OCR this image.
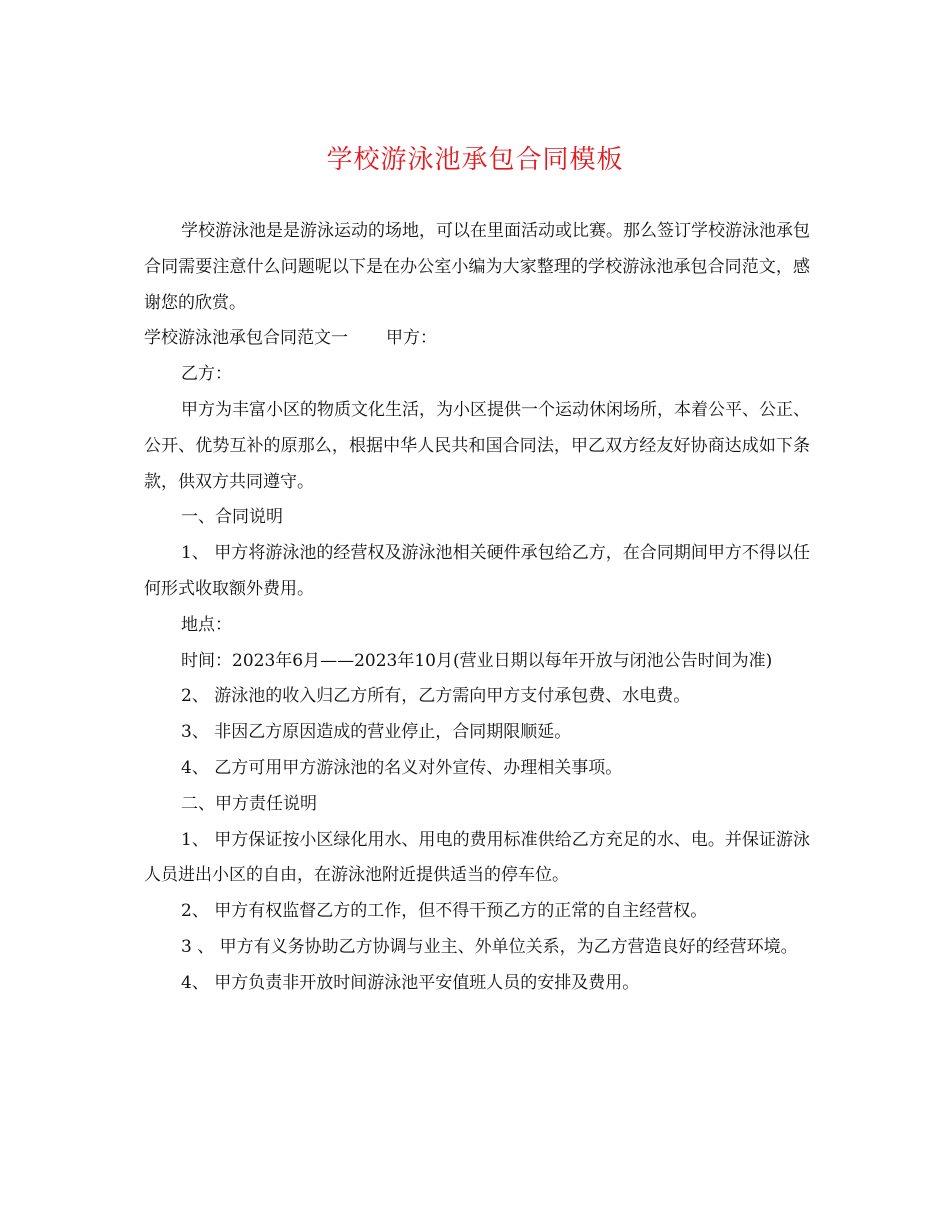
学校游泳池承包合同模板

学校游泳池是是游泳运动的场地，可以在里面活动或比赛。那么签订学校游泳池承包合同需要注意什么问题呢以下是在办公室小编为大家整理的学校游泳池承包合同范文，感谢您的欣赏。

学校游泳池承包合同范文一 甲方：

乙方：

甲方为丰富小区的物质文化生活，为小区提供一个运动休闲场所，本着公平、公正、公开、优势互补的原那么，根据中华人民共和国合同法，甲乙双方经友好协商达成如下条款，供双方共同遵守。

一、合同说明

1、 甲方将游泳池的经营权及游泳池相关硬件承包给乙方，在合同期间甲方不得以任何形式收取额外费用。

地点：

时间：2023年6月——2023年10月(营业日期以每年开放与闭池公告时间为准)

2、 游泳池的收入归乙方所有，乙方需向甲方支付承包费、水电费。

3、 非因乙方原因造成的营业停止，合同期限顺延。

4、 乙方可用甲方游泳池的名义对外宣传、办理相关事项。

二、甲方责任说明

1、 甲方保证按小区绿化用水、用电的费用标准供给乙方充足的水、电。并保证游泳人员进出小区的自由，在游泳池附近提供适当的停车位。

2、 甲方有权监督乙方的工作，但不得干预乙方的正常的自主经营权。

3 、 甲方有义务协助乙方协调与业主、外单位关系，为乙方营造良好的经营环境。

4、 甲方负责非开放时间游泳池平安值班人员的安排及费用。
